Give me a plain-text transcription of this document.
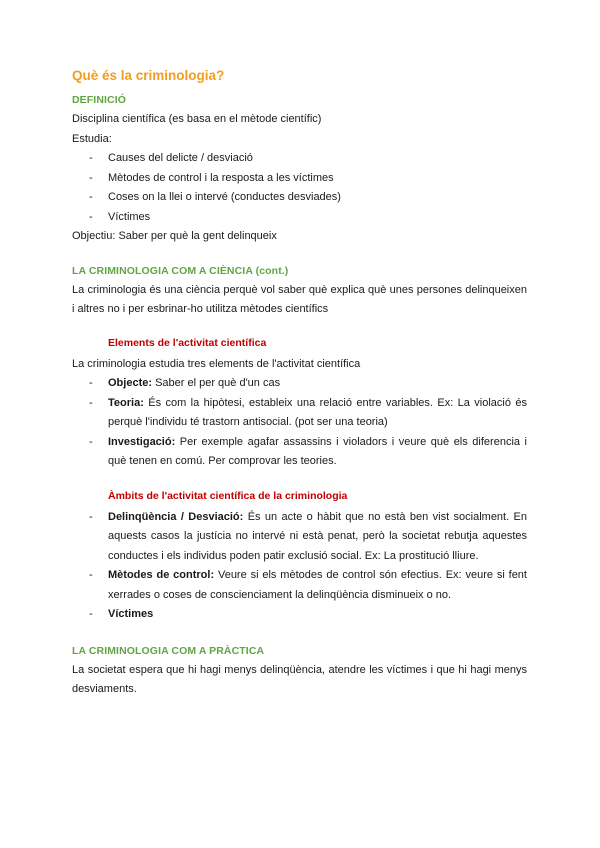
Què és la criminologia?
DEFINICIÓ

Disciplina científica (es basa en el mètode científic)

Estudia:

- Causes del delicte / desviació
- Mètodes de control i la resposta a les víctimes
- Coses on la llei o intervé (conductes desviades)
- Víctimes

Objectiu: Saber per què la gent delinqueix

LA CRIMINOLOGIA COM A CIÈNCIA (cont.)

La criminologia és una ciència perquè vol saber què explica què unes persones delinqueixen i altres no i per esbrinar-ho utilitza mètodes científics

Elements de l'activitat científica

La criminologia estudia tres elements de l'activitat científica

- Objecte: Saber el per què d'un cas
- Teoria: És com la hipòtesi, estableix una relació entre variables. Ex: La violació és perquè l'individu té trastorn antisocial. (pot ser una teoria)
- Investigació: Per exemple agafar assassins i violadors i veure què els diferencia i què tenen en comú. Per comprovar les teories.
Àmbits de l'activitat científica de la criminologia
- Delinqüència / Desviació: És un acte o hàbit que no està ben vist socialment. En aquests casos la justícia no intervé ni està penat, però la societat rebutja aquestes conductes i els individus poden patir exclusió social. Ex: La prostitució lliure.
- Mètodes de control: Veure si els mètodes de control són efectius. Ex: veure si fent xerrades o coses de conscienciament la delinqüència disminueix o no.
- Víctimes
LA CRIMINOLOGIA COM A PRÀCTICA

La societat espera que hi hagi menys delinqüència, atendre les víctimes i que hi hagi menys desviaments.
